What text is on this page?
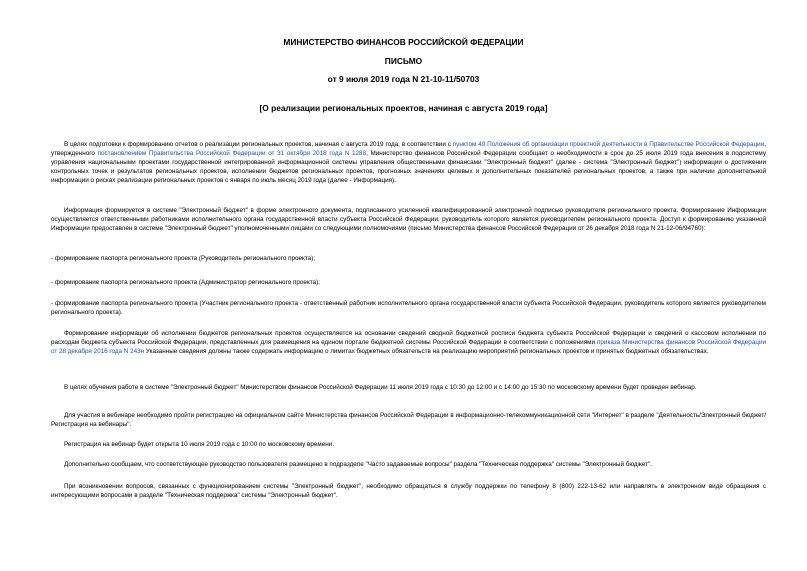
МИНИСТЕРСТВО ФИНАНСОВ РОССИЙСКОЙ ФЕДЕРАЦИИ
ПИСЬМО
от 9 июля 2019 года N 21-10-11/50703
[О реализации региональных проектов, начиная с августа 2019 года]

В целях подготовки к формированию отчетов о реализации региональных проектов, начиная с августа 2019 года, в соответствии с пунктом 49 Положения об организации проектной деятельности в Правительстве Российской Федерации, утвержденного постановлением Правительства Российской Федерации от 31 октября 2018 года N 1288, Министерство финансов Российской Федерации сообщает о необходимости в срок до 25 июля 2019 года внесения в подсистему управления национальными проектами государственной интегрированной информационной системы управления общественными финансами "Электронный бюджет" (далее - система "Электронный бюджет") информации о достижении контрольных точек и результатов региональных проектов, исполнении бюджетов региональных проектов, прогнозных значениях целевых и дополнительных показателей региональных проектов, а также при наличии дополнительной информации о рисках реализации региональных проектов с января по июль месяц 2019 года (далее - Информация).

Информация формируется в системе "Электронный бюджет" в форме электронного документа, подписанного усиленной квалифицированной электронной подписью руководителя регионального проекта. Формирование Информации осуществляется ответственными работниками исполнительного органа государственной власти субъекта Российской Федерации, руководитель которого является руководителем регионального проекта. Доступ к формированию указанной Информации предоставлен в системе "Электронный бюджет" уполномоченными лицами со следующими полномочиями (письмо Министерства финансов Российской Федерации от 26 декабря 2018 года N 21-12-06/94760):

- формирование паспорта регионального проекта (Руководитель регионального проекта);

- формирование паспорта регионального проекта (Администратор регионального проекта);

- формирование паспорта регионального проекта (Участник регионального проекта - ответственный работник исполнительного органа государственной власти субъекта Российской Федерации, руководитель которого является руководителем регионального проекта).

Формирование информации об исполнении бюджетов региональных проектов осуществляется на основании сведений сводной бюджетной росписи бюджета субъекта Российской Федерации и сведений о кассовом исполнении по расходам бюджета субъекта Российской Федерации, представленных для размещения на едином портале бюджетной системы Российской Федерации в соответствии с положениями приказа Министерства финансов Российской Федерации от 28 декабря 2016 года N 243н Указанные сведения должны также содержать информацию о лимитах бюджетных обязательств на реализацию мероприятий региональных проектов и принятых бюджетных обязательствах.

В целях обучения работе в системе "Электронный бюджет" Министерством финансов Российской Федерации 11 июля 2019 года с 10:30 до 12:00 и с 14:00 до 15:30 по московскому времени будет проведен вебинар.

Для участия в вебинаре необходимо пройти регистрацию на официальном сайте Министерства финансов Российской Федерации в информационно-телекоммуникационной сети "Интернет" в разделе "Деятельность/Электронный бюджет/Регистрация на вебинары".

Регистрация на вебинар будет открыта 10 июля 2019 года с 10:00 по московскому времени.

Дополнительно сообщаем, что соответствующее руководство пользователя размещено в подразделе "Часто задаваемые вопросы" раздела "Техническая поддержка" системы "Электронный бюджет".

При возникновении вопросов, связанных с функционированием системы "Электронный бюджет", необходимо обращаться в службу поддержки по телефону 8 (800) 222-13-62 или направлять в электронном виде обращения с интересующими вопросами в разделе "Техническая поддержка" системы "Электронный бюджет".
